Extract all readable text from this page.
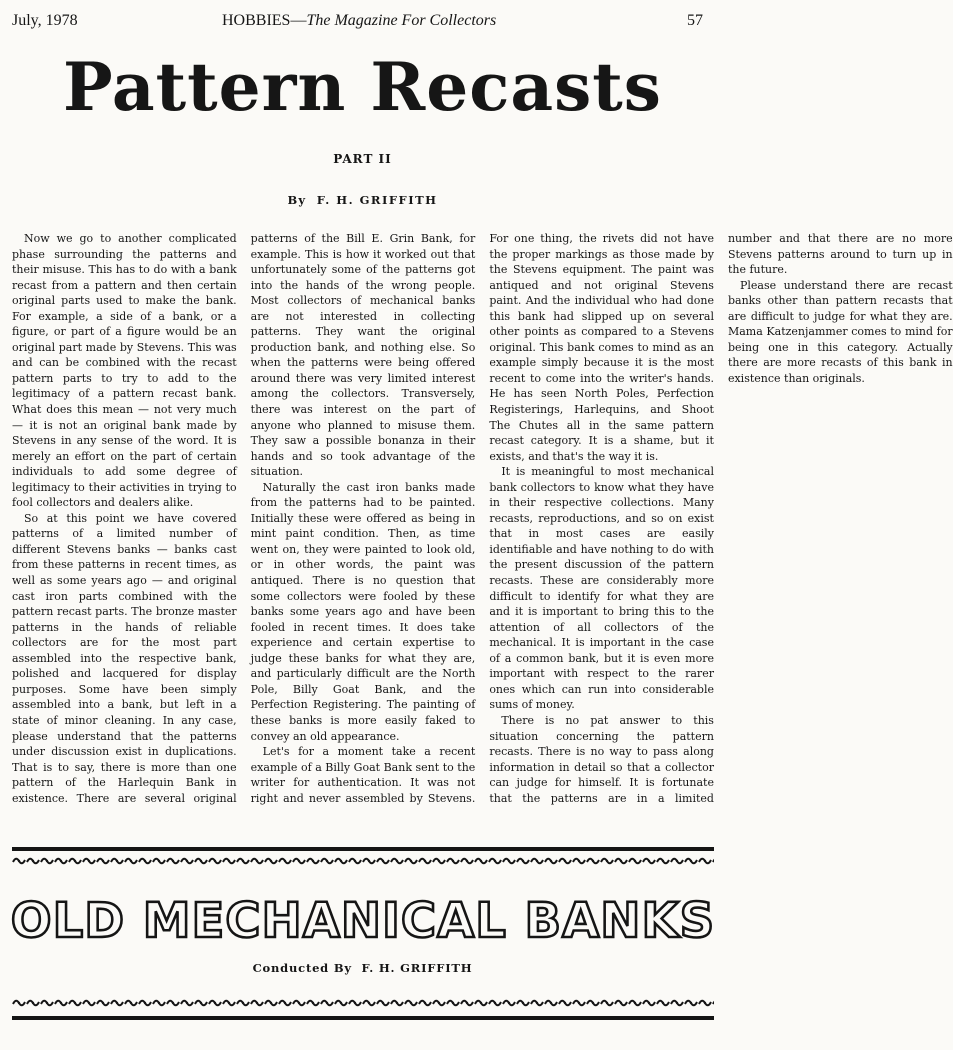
July, 1978	HOBBIES—The Magazine For Collectors	57
Pattern Recasts
PART II
By F. H. GRIFFITH

Now we go to another complicated phase surrounding the patterns and their misuse. This has to do with a bank recast from a pattern and then certain original parts used to make the bank. For example, a side of a bank, or a figure, or part of a figure would be an original part made by Stevens. This was and can be combined with the recast pattern parts to try to add to the legitimacy of a pattern recast bank. What does this mean — not very much — it is not an original bank made by Stevens in any sense of the word. It is merely an effort on the part of certain individuals to add some degree of legitimacy to their activities in trying to fool collectors and dealers alike.

So at this point we have covered patterns of a limited number of different Stevens banks — banks cast from these patterns in recent times, as well as some years ago — and original cast iron parts combined with the pattern recast parts. The bronze master patterns in the hands of reliable collectors are for the most part assembled into the respective bank, polished and lacquered for display purposes. Some have been simply assembled into a bank, but left in a state of minor cleaning. In any case, please understand that the patterns under discussion exist in duplications. That is to say, there is more than one pattern of the Harlequin Bank in existence. There are several original patterns of the Bill E. Grin Bank, for example. This is how it worked out that unfortunately some of the patterns got into the hands of the wrong people. Most collectors of mechanical banks are not interested in collecting patterns. They want the original production bank, and nothing else. So when the patterns were being offered around there was very limited interest among the collectors. Transversely, there was interest on the part of anyone who planned to misuse them. They saw a possible bonanza in their hands and so took advantage of the situation.

Naturally the cast iron banks made from the patterns had to be painted. Initially these were offered as being in mint paint condition. Then, as time went on, they were painted to look old, or in other words, the paint was antiqued. There is no question that some collectors were fooled by these banks some years ago and have been fooled in recent times. It does take experience and certain expertise to judge these banks for what they are, and particularly difficult are the North Pole, Billy Goat Bank, and the Perfection Registering. The painting of these banks is more easily faked to convey an old appearance.

Let's for a moment take a recent example of a Billy Goat Bank sent to the writer for authentication. It was not right and never assembled by Stevens. For one thing, the rivets did not have the proper markings as those made by the Stevens equipment. The paint was antiqued and not original Stevens paint. And the individual who had done this bank had slipped up on several other points as compared to a Stevens original. This bank comes to mind as an example simply because it is the most recent to come into the writer's hands. He has seen North Poles, Perfection Registerings, Harlequins, and Shoot The Chutes all in the same pattern recast category. It is a shame, but it exists, and that's the way it is.

It is meaningful to most mechanical bank collectors to know what they have in their respective collections. Many recasts, reproductions, and so on exist that in most cases are easily identifiable and have nothing to do with the present discussion of the pattern recasts. These are considerably more difficult to identify for what they are and it is important to bring this to the attention of all collectors of the mechanical. It is important in the case of a common bank, but it is even more important with respect to the rarer ones which can run into considerable sums of money.

There is no pat answer to this situation concerning the pattern recasts. There is no way to pass along information in detail so that a collector can judge for himself. It is fortunate that the patterns are in a limited number and that there are no more Stevens patterns around to turn up in the future.

Please understand there are recast banks other than pattern recasts that are difficult to judge for what they are. Mama Katzenjammer comes to mind for being one in this category. Actually there are more recasts of this bank in existence than originals.

OLD MECHANICAL BANKS
Conducted By F. H. GRIFFITH
